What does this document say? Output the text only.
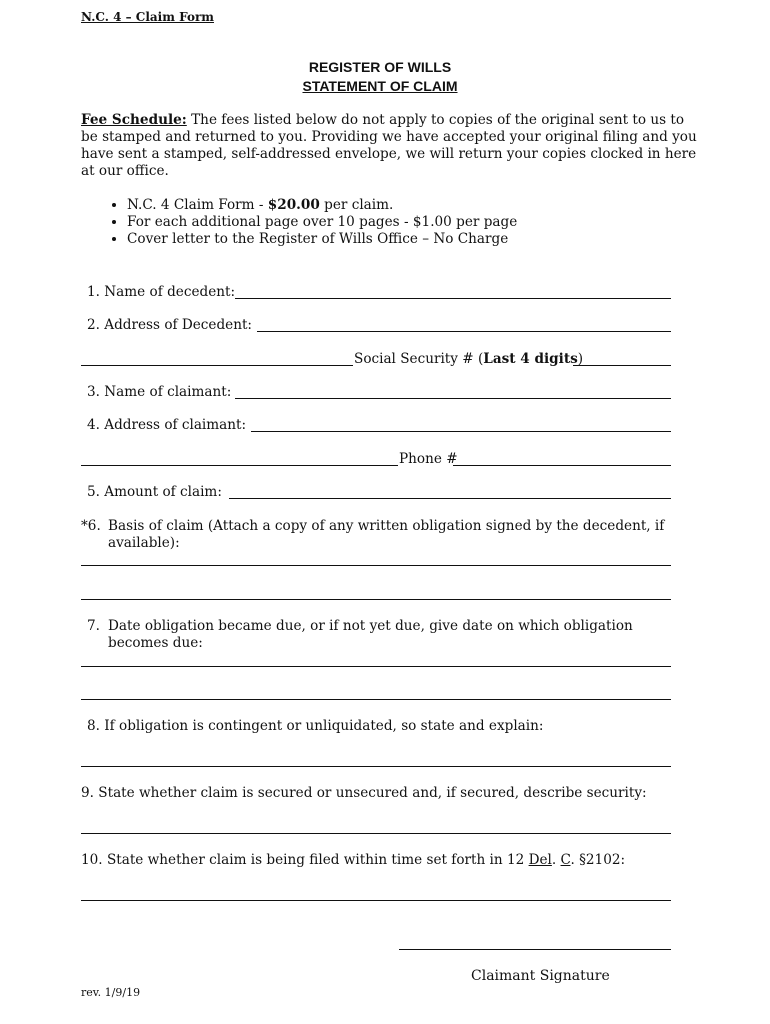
N.C. 4 – Claim Form
REGISTER OF WILLS
STATEMENT OF CLAIM
Fee Schedule: The fees listed below do not apply to copies of the original sent to us to be stamped and returned to you. Providing we have accepted your original filing and you have sent a stamped, self-addressed envelope, we will return your copies clocked in here at our office.
• N.C. 4 Claim Form - $20.00 per claim.
• For each additional page over 10 pages - $1.00 per page
• Cover letter to the Register of Wills Office – No Charge
1. Name of decedent:
2. Address of Decedent:
Social Security # (Last 4 digits)
3. Name of claimant:
4. Address of claimant:
Phone #
5. Amount of claim:
*6. Basis of claim (Attach a copy of any written obligation signed by the decedent, if available):
7. Date obligation became due, or if not yet due, give date on which obligation becomes due:
8. If obligation is contingent or unliquidated, so state and explain:
9. State whether claim is secured or unsecured and, if secured, describe security:
10. State whether claim is being filed within time set forth in 12 Del. C. §2102:
Claimant Signature
rev. 1/9/19
